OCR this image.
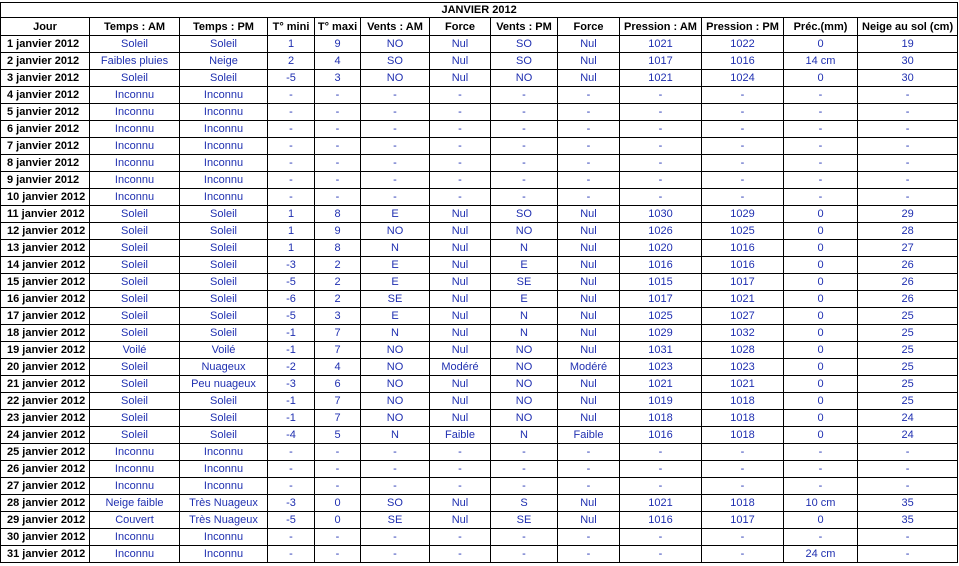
JANVIER 2012												
Jour	Temps : AM	Temps : PM	T° mini	T° maxi	Vents : AM	Force	Vents : PM	Force	Pression : AM	Pression : PM	Préc.(mm)	Neige au sol (cm)
1 janvier 2012	Soleil	Soleil	1	9	NO	Nul	SO	Nul	1021	1022	0	19
2 janvier 2012	Faibles pluies	Neige	2	4	SO	Nul	SO	Nul	1017	1016	14 cm	30
3 janvier 2012	Soleil	Soleil	-5	3	NO	Nul	NO	Nul	1021	1024	0	30
4 janvier 2012	Inconnu	Inconnu	-	-	-	-	-	-	-	-	-	-
5 janvier 2012	Inconnu	Inconnu	-	-	-	-	-	-	-	-	-	-
6 janvier 2012	Inconnu	Inconnu	-	-	-	-	-	-	-	-	-	-
7 janvier 2012	Inconnu	Inconnu	-	-	-	-	-	-	-	-	-	-
8 janvier 2012	Inconnu	Inconnu	-	-	-	-	-	-	-	-	-	-
9 janvier 2012	Inconnu	Inconnu	-	-	-	-	-	-	-	-	-	-
10 janvier 2012	Inconnu	Inconnu	-	-	-	-	-	-	-	-	-	-
11 janvier 2012	Soleil	Soleil	1	8	E	Nul	SO	Nul	1030	1029	0	29
12 janvier 2012	Soleil	Soleil	1	9	NO	Nul	NO	Nul	1026	1025	0	28
13 janvier 2012	Soleil	Soleil	1	8	N	Nul	N	Nul	1020	1016	0	27
14 janvier 2012	Soleil	Soleil	-3	2	E	Nul	E	Nul	1016	1016	0	26
15 janvier 2012	Soleil	Soleil	-5	2	E	Nul	SE	Nul	1015	1017	0	26
16 janvier 2012	Soleil	Soleil	-6	2	SE	Nul	E	Nul	1017	1021	0	26
17 janvier 2012	Soleil	Soleil	-5	3	E	Nul	N	Nul	1025	1027	0	25
18 janvier 2012	Soleil	Soleil	-1	7	N	Nul	N	Nul	1029	1032	0	25
19 janvier 2012	Voilé	Voilé	-1	7	NO	Nul	NO	Nul	1031	1028	0	25
20 janvier 2012	Soleil	Nuageux	-2	4	NO	Modéré	NO	Modéré	1023	1023	0	25
21 janvier 2012	Soleil	Peu nuageux	-3	6	NO	Nul	NO	Nul	1021	1021	0	25
22 janvier 2012	Soleil	Soleil	-1	7	NO	Nul	NO	Nul	1019	1018	0	25
23 janvier 2012	Soleil	Soleil	-1	7	NO	Nul	NO	Nul	1018	1018	0	24
24 janvier 2012	Soleil	Soleil	-4	5	N	Faible	N	Faible	1016	1018	0	24
25 janvier 2012	Inconnu	Inconnu	-	-	-	-	-	-	-	-	-	-
26 janvier 2012	Inconnu	Inconnu	-	-	-	-	-	-	-	-	-	-
27 janvier 2012	Inconnu	Inconnu	-	-	-	-	-	-	-	-	-	-
28 janvier 2012	Neige faible	Très Nuageux	-3	0	SO	Nul	S	Nul	1021	1018	10 cm	35
29 janvier 2012	Couvert	Très Nuageux	-5	0	SE	Nul	SE	Nul	1016	1017	0	35
30 janvier 2012	Inconnu	Inconnu	-	-	-	-	-	-	-	-	-	-
31 janvier 2012	Inconnu	Inconnu	-	-	-	-	-	-	-	-	24 cm	-
